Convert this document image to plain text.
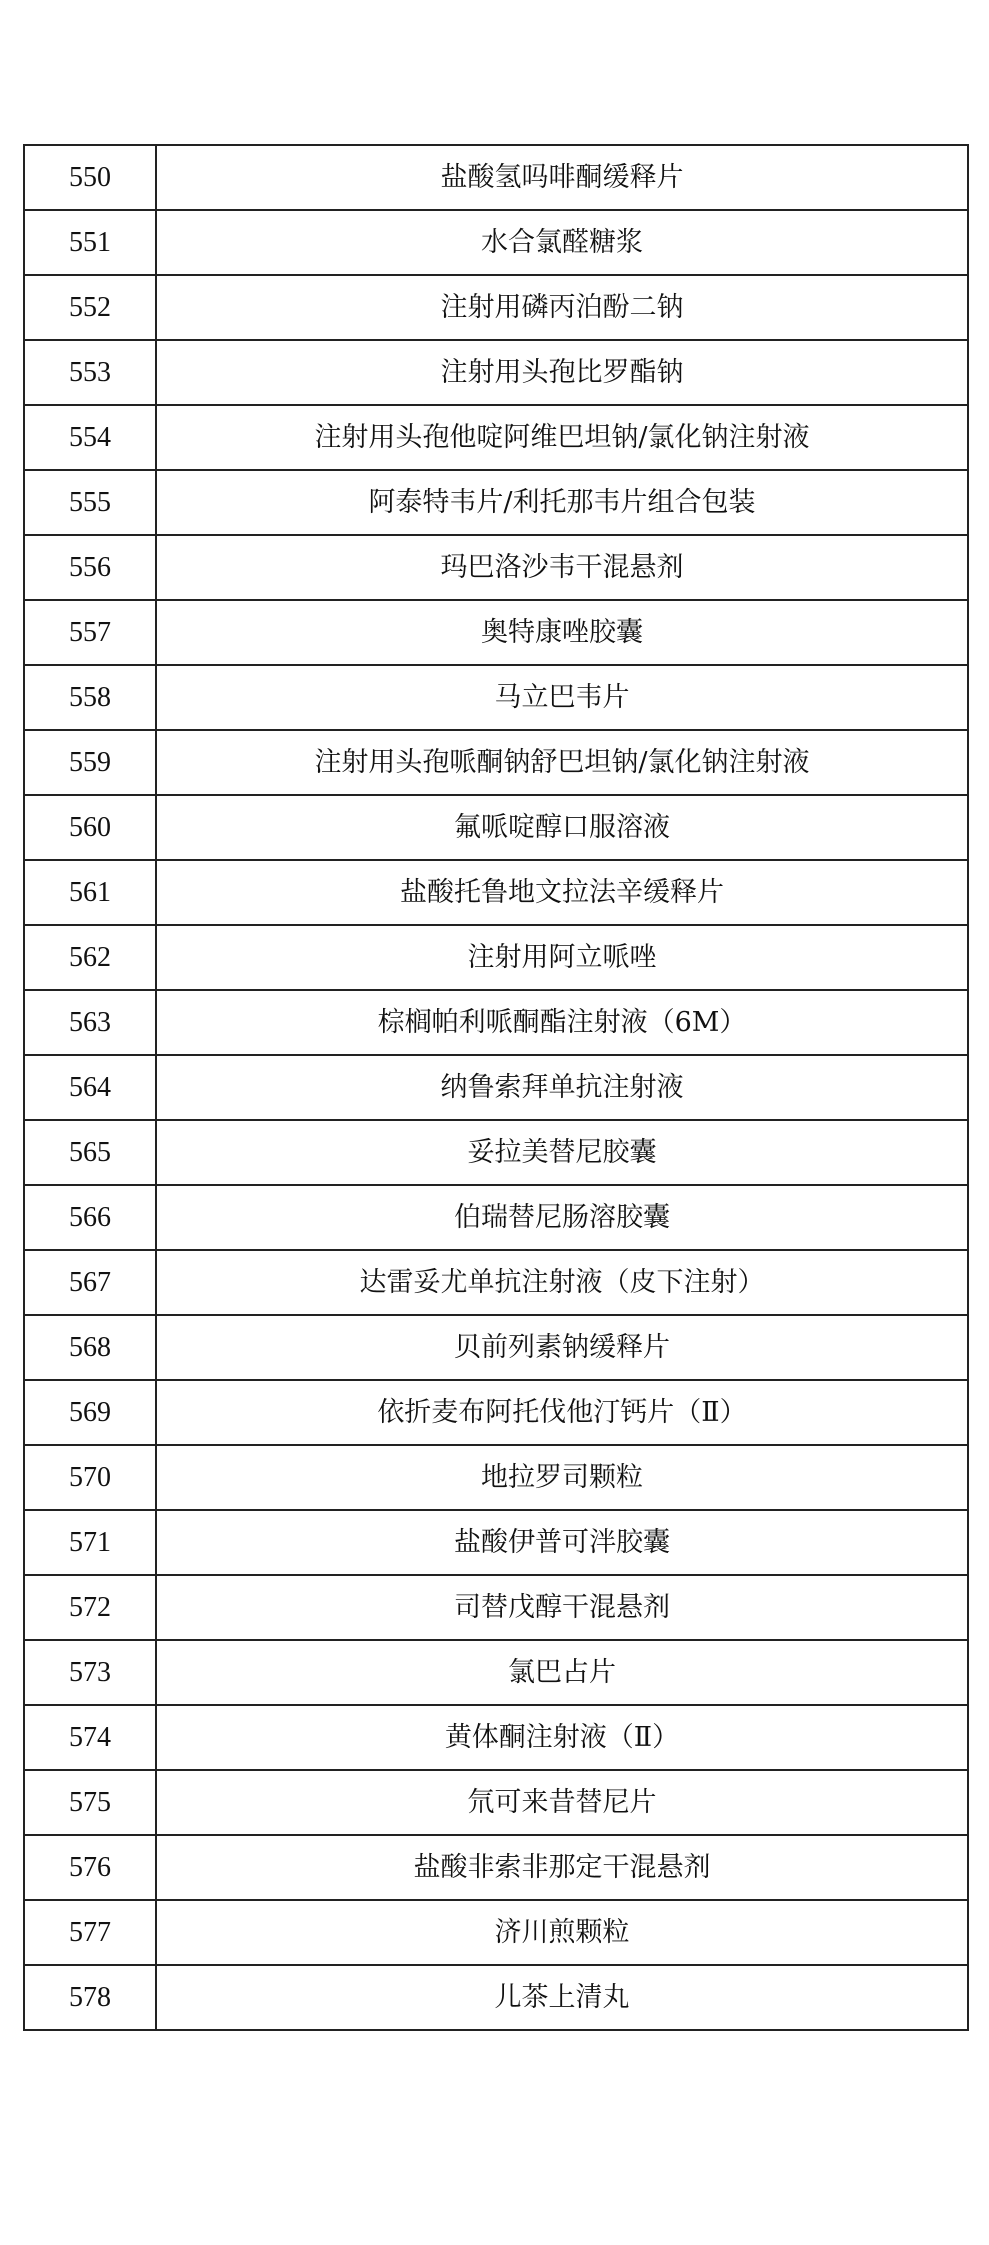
550	盐酸氢吗啡酮缓释片
551	水合氯醛糖浆
552	注射用磷丙泊酚二钠
553	注射用头孢比罗酯钠
554	注射用头孢他啶阿维巴坦钠/氯化钠注射液
555	阿泰特韦片/利托那韦片组合包装
556	玛巴洛沙韦干混悬剂
557	奥特康唑胶囊
558	马立巴韦片
559	注射用头孢哌酮钠舒巴坦钠/氯化钠注射液
560	氟哌啶醇口服溶液
561	盐酸托鲁地文拉法辛缓释片
562	注射用阿立哌唑
563	棕榈帕利哌酮酯注射液（6M）
564	纳鲁索拜单抗注射液
565	妥拉美替尼胶囊
566	伯瑞替尼肠溶胶囊
567	达雷妥尤单抗注射液（皮下注射）
568	贝前列素钠缓释片
569	依折麦布阿托伐他汀钙片（Ⅱ）
570	地拉罗司颗粒
571	盐酸伊普可泮胶囊
572	司替戊醇干混悬剂
573	氯巴占片
574	黄体酮注射液（Ⅱ）
575	氘可来昔替尼片
576	盐酸非索非那定干混悬剂
577	济川煎颗粒
578	儿茶上清丸
